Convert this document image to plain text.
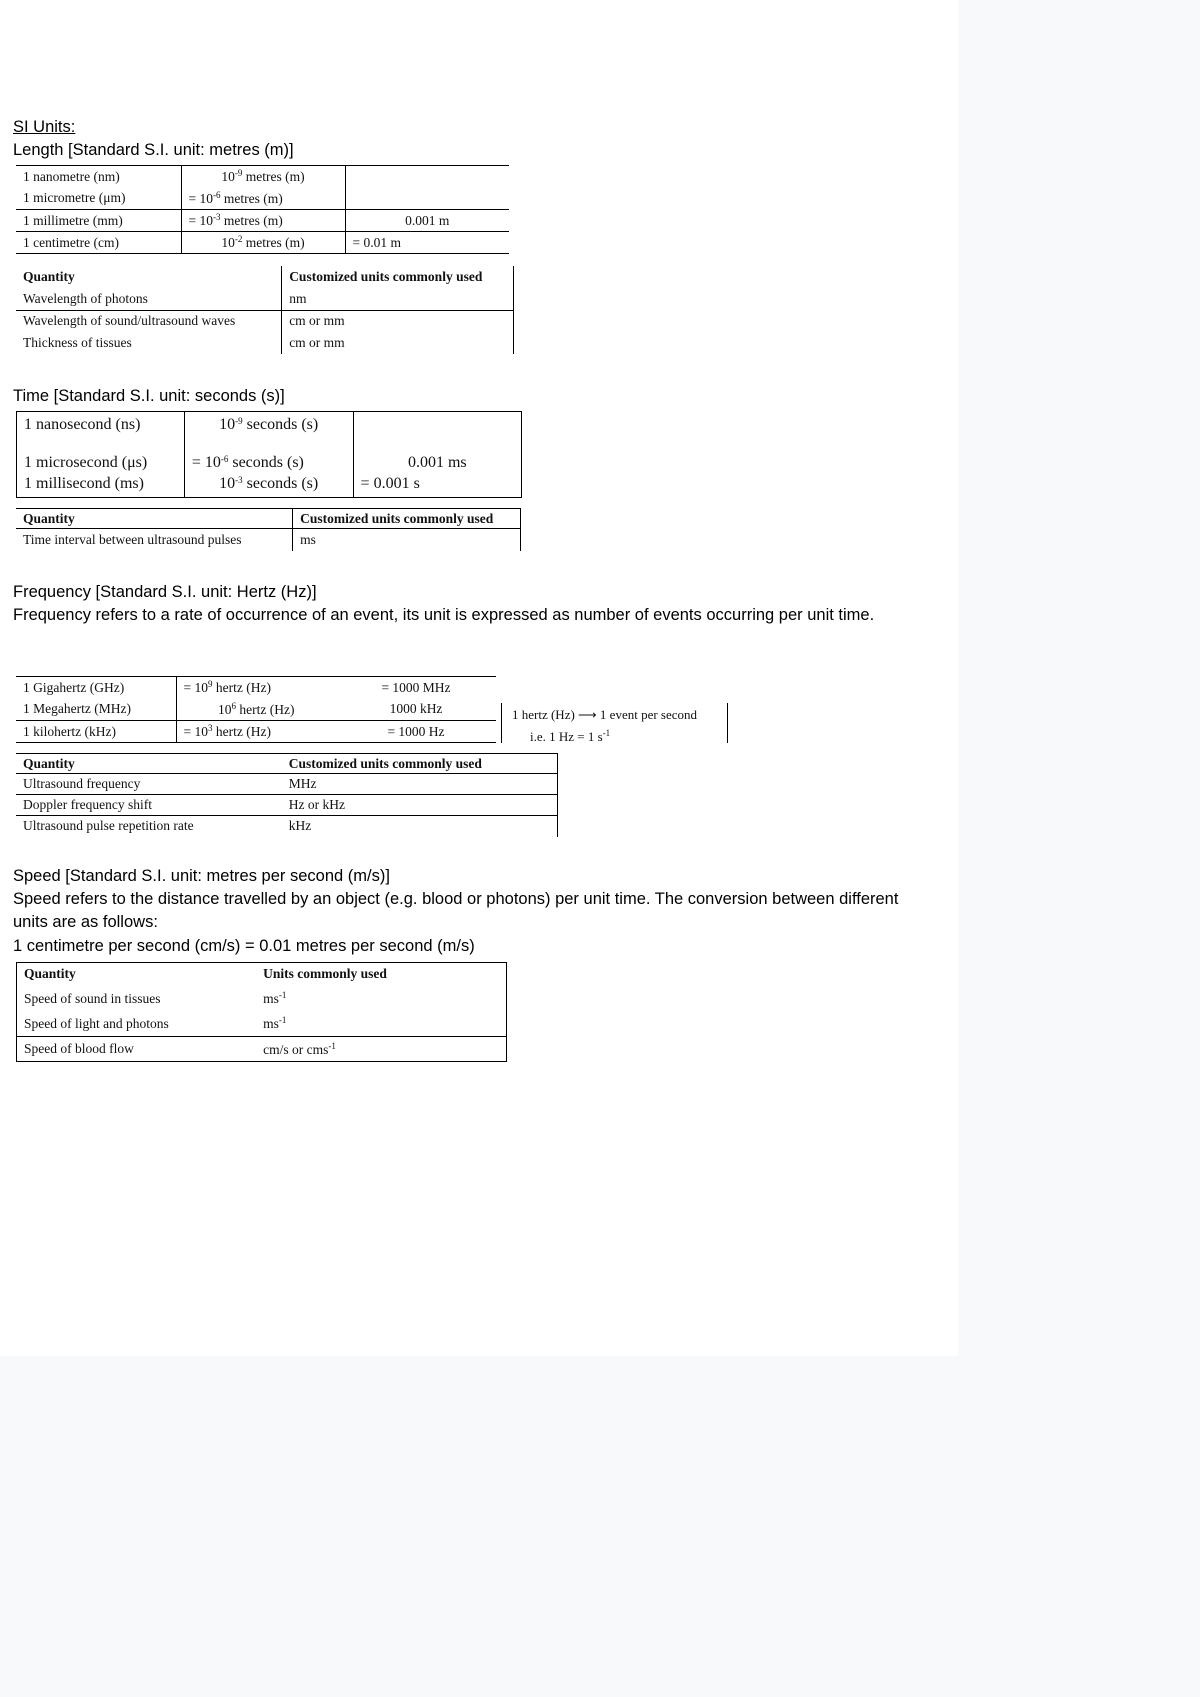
SI Units:

Length [Standard S.I. unit: metres (m)]

1 nanometre (nm)	$10^{-9}$ metres (m)	
1 micrometre (μm)	= $10^{-6}$ metres (m)	
1 millimetre (mm)	= $10^{-3}$ metres (m)	0.001 m
1 centimetre (cm)	$10^{-2}$ metres (m)	= 0.01 m
Quantity	Customized units commonly used
Wavelength of photons	nm
Wavelength of sound/ultrasound waves	cm or mm
Thickness of tissues	cm or mm

Time [Standard S.I. unit: seconds (s)]

1 nanosecond (ns)	$10^{-9}$ seconds (s)	
1 microsecond (μs)	= $10^{-6}$ seconds (s)	0.001 ms
1 millisecond (ms)	$10^{-3}$ seconds (s)	= 0.001 s
Quantity	Customized units commonly used
Time interval between ultrasound pulses	ms

Frequency [Standard S.I. unit: Hertz (Hz)]

Frequency refers to a rate of occurrence of an event, its unit is expressed as number of events occurring per unit time.

1 Gigahertz (GHz)	= $10^9$ hertz (Hz)	= 1000 MHz
1 Megahertz (MHz)	$10^6$ hertz (Hz)	1000 kHz
1 kilohertz (kHz)	= $10^3$ hertz (Hz)	= 1000 Hz
1 hertz (Hz) ⟶ 1 event per second
i.e. 1 Hz = 1 $s^{-1}$
Quantity	Customized units commonly used
Ultrasound frequency	MHz
Doppler frequency shift	Hz or kHz
Ultrasound pulse repetition rate	kHz

Speed [Standard S.I. unit: metres per second (m/s)]

Speed refers to the distance travelled by an object (e.g. blood or photons) per unit time. The conversion between different units are as follows:

1 centimetre per second (cm/s) = 0.01 metres per second (m/s)

Quantity	Units commonly used
Speed of sound in tissues	$ms^{-1}$
Speed of light and photons	$ms^{-1}$
Speed of blood flow	cm/s or cms$^{-1}$
